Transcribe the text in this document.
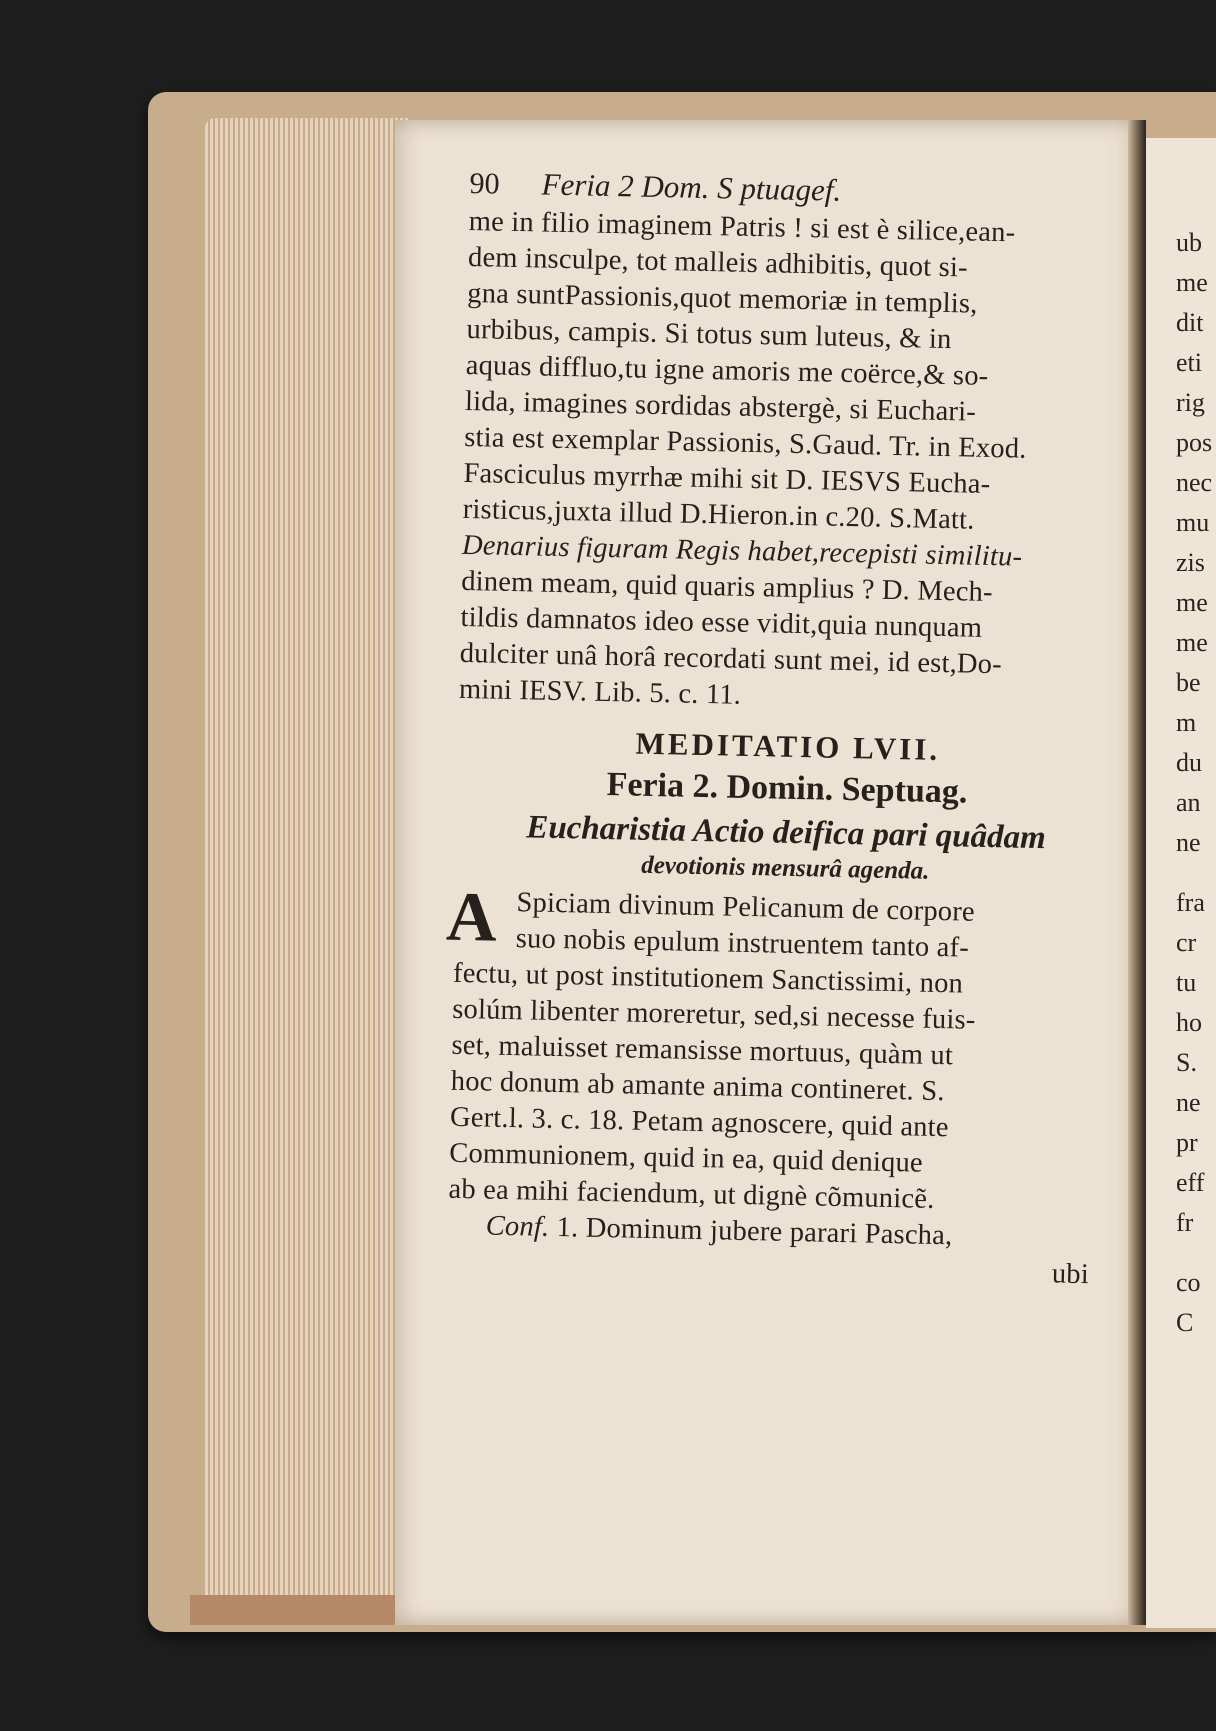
ub
me
dit
eti
rig
pos
nec
mu
zis
me
me
be
m
du
an
ne
fra
cr
tu
ho
S.
ne
pr
eff
fr
co
C
90 Feria 2 Dom. S ptuagef.
me in filio imaginem Patris ! si est è silice,ean-
dem insculpe, tot malleis adhibitis, quot si-
gna suntPassionis,quot memoriæ in templis,
urbibus, campis. Si totus sum luteus, & in
aquas diffluo,tu igne amoris me coërce,& so-
lida, imagines sordidas abstergè, si Euchari-
stia est exemplar Passionis, S.Gaud. Tr. in Exod.
Fasciculus myrrhæ mihi sit D. IESVS Eucha-
risticus,juxta illud D.Hieron.in c.20. S.Matt.
Denarius figuram Regis habet,recepisti similitu-
dinem meam, quid quaris amplius ? D. Mech-
tildis damnatos ideo esse vidit,quia nunquam
dulciter unâ horâ recordati sunt mei, id est,Do-
mini IESV. Lib. 5. c. 11.
MEDITATIO LVII.
Feria 2. Domin. Septuag.
Eucharistia Actio deifica pari quâdam
devotionis mensurâ agenda.
A Spiciam divinum Pelicanum de corpore
suo nobis epulum instruentem tanto af-
fectu, ut post institutionem Sanctissimi, non
solúm libenter moreretur, sed,si necesse fuis-
set, maluisset remansisse mortuus, quàm ut
hoc donum ab amante anima contineret. S.
Gert.l. 3. c. 18. Petam agnoscere, quid ante
Communionem, quid in ea, quid denique
ab ea mihi faciendum, ut dignè cõmunicẽ.
Conf. 1. Dominum jubere parari Pascha,
ubi
